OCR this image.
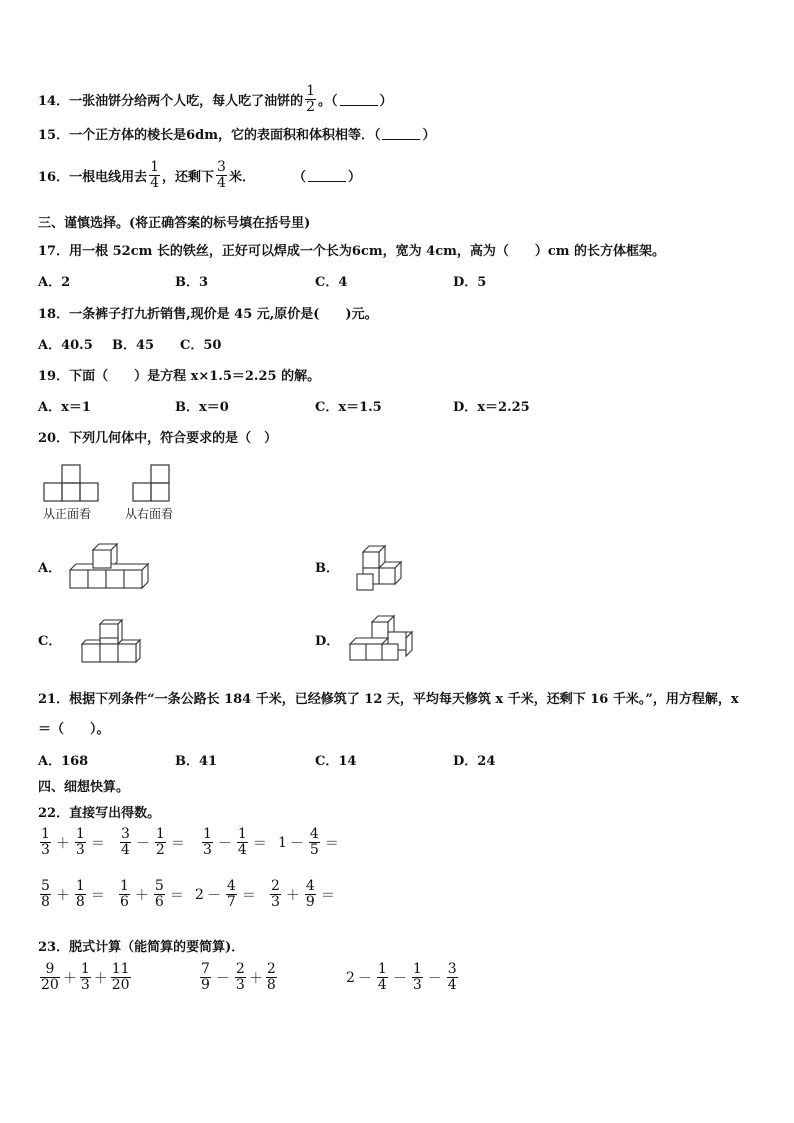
14．一张油饼分给两个人吃，每人吃了油饼的 $\frac{1}{2}$ 。（	）
15．一个正方体的棱长是6dm，它的表面积和体积相等．（	）
16．一根电线用去 $\frac{1}{4}$ ，还剩下 $\frac{3}{4}$ 米．	（	）
三、谨慎选择。(将正确答案的标号填在括号里)
17．用一根 52cm 长的铁丝，正好可以焊成一个长为6cm，宽为 4cm，高为（　　）cm 的长方体框架。
A．2	B．3	C．4	D．5
18．一条裤子打九折销售,现价是 45 元,原价是(　　)元。
A．40.5 B．45 C．50
19．下面（　　）是方程 x×1.5＝2.25 的解。
A．x＝1	B．x＝0	C．x＝1.5	D．x＝2.25
20．下列几何体中，符合要求的是（　）
从正面看	从右面看
A．	B．
C．	D．
21．根据下列条件“一条公路长 184 千米，已经修筑了 12 天，平均每天修筑 x 千米，还剩下 16 千米。”，用方程解，x
＝（　　）。
A．168	B．41	C．14	D．24
四、细想快算。
22．直接写出得数。
$\frac{1}{3} + \frac{1}{3} = \frac{3}{4} - \frac{1}{2} = \frac{1}{3} - \frac{1}{4} = 1 - \frac{4}{5}$ ＝
$\frac{5}{8} + \frac{1}{8} = \frac{1}{6} + \frac{5}{6} = 2 - \frac{4}{7} = \frac{2}{3} + \frac{4}{9}$ ＝
23．脱式计算（能简算的要简算)．
$\frac{9}{20} + \frac{1}{3} + \frac{11}{20}$	$\frac{7}{9} - \frac{2}{3} + \frac{2}{8}$	$2 - \frac{1}{4} - \frac{1}{3} - \frac{3}{4}$
